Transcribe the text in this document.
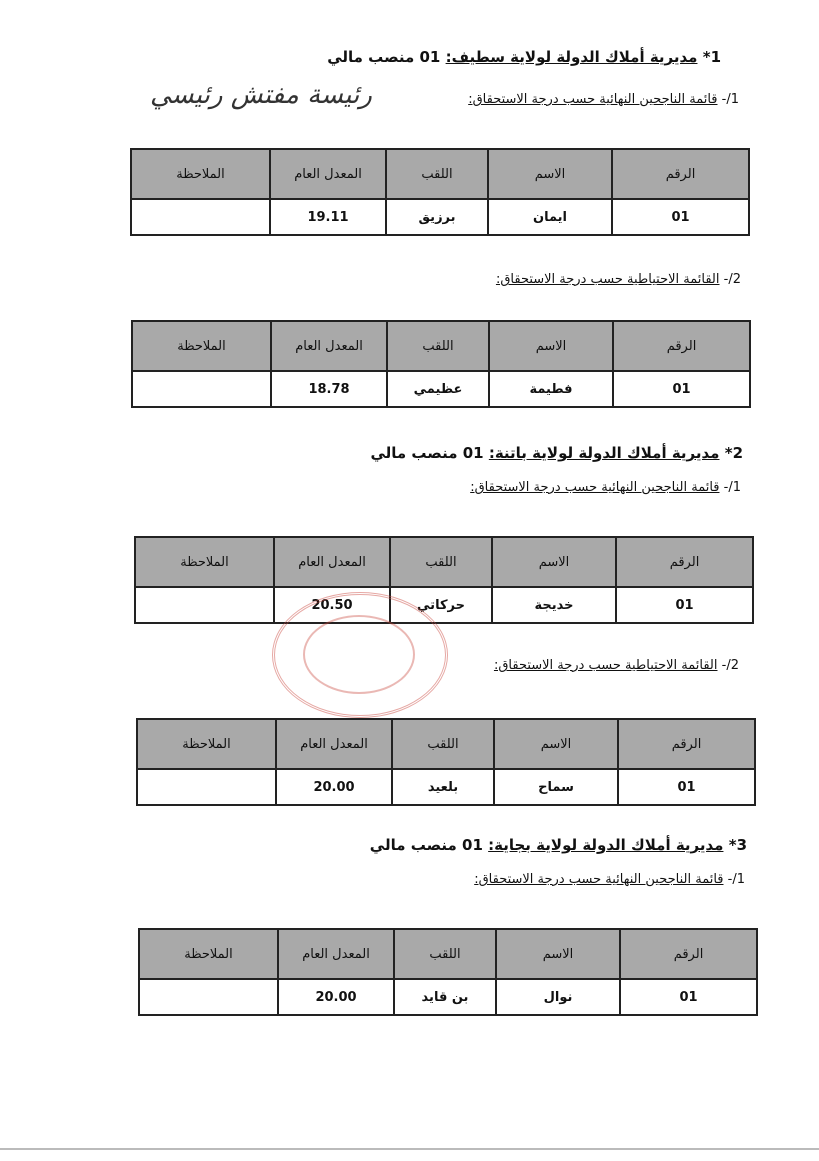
1* مديرية أملاك الدولة لولاية سطيف: 01 منصب مالي
رئيسة مفتش رئيسي	1/- قائمة الناجحين النهائية حسب درجة الاستحقاق:
الرقم	الاسم	اللقب	المعدل العام	الملاحظة
01	ايمان	برزيق	19.11	
2/- القائمة الاحتياطية حسب درجة الاستحقاق:
الرقم	الاسم	اللقب	المعدل العام	الملاحظة
01	فطيمة	عظيمي	18.78	
2* مديرية أملاك الدولة لولاية باتنة: 01 منصب مالي
1/- قائمة الناجحين النهائية حسب درجة الاستحقاق:
الرقم	الاسم	اللقب	المعدل العام	الملاحظة
01	خديجة	حركاتي	20.50	
2/- القائمة الاحتياطية حسب درجة الاستحقاق:
الرقم	الاسم	اللقب	المعدل العام	الملاحظة
01	سماح	بلعيد	20.00	
3* مديرية أملاك الدولة لولاية بجاية: 01 منصب مالي
1/- قائمة الناجحين النهائية حسب درجة الاستحقاق:
الرقم	الاسم	اللقب	المعدل العام	الملاحظة
01	نوال	بن قايد	20.00	
